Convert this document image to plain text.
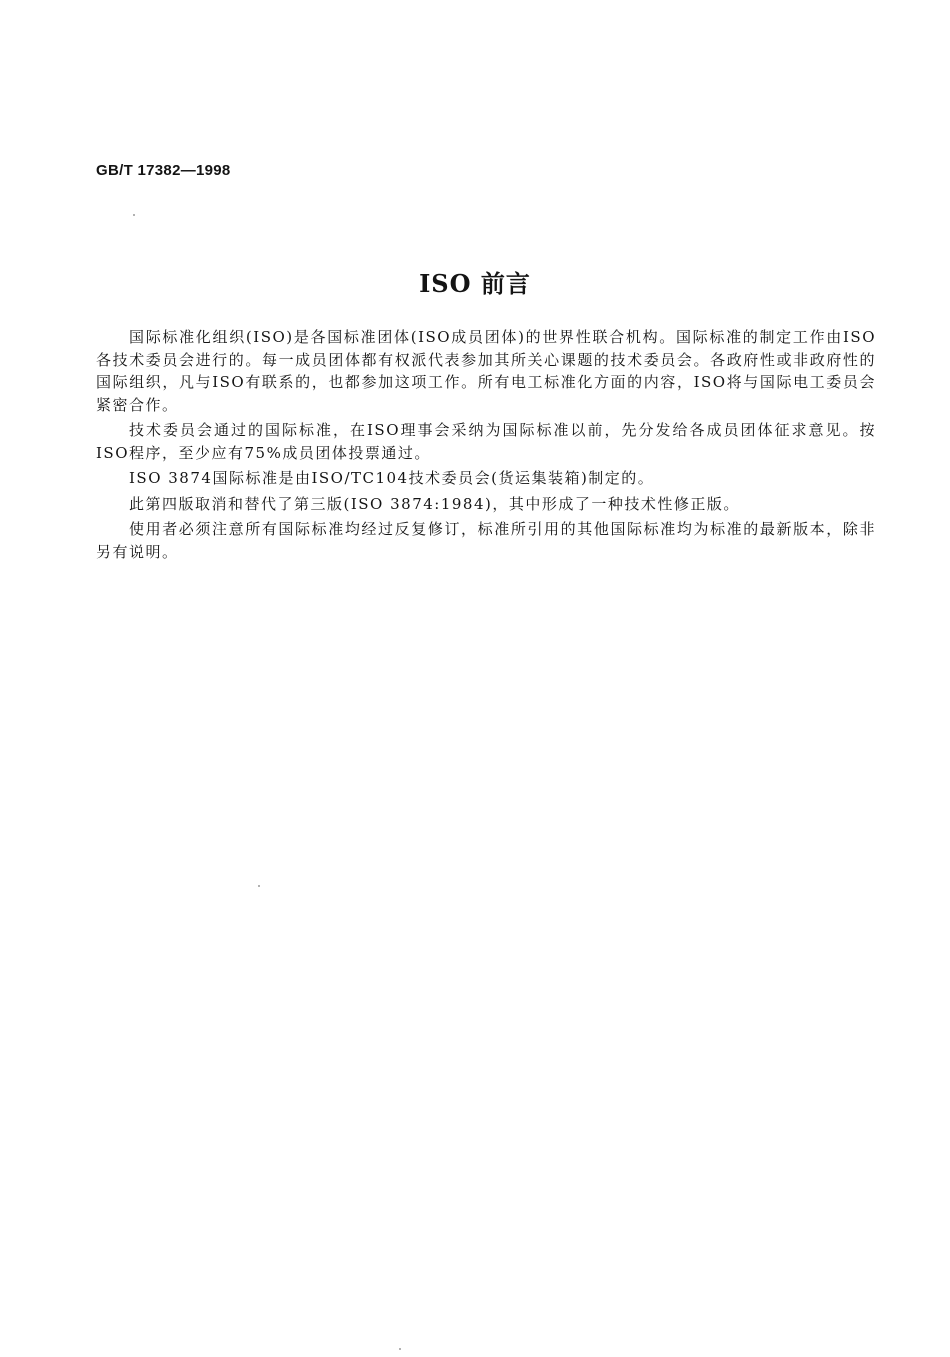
GB/T 17382—1998
ISO 前言

国际标准化组织(ISO)是各国标准团体(ISO成员团体)的世界性联合机构。国际标准的制定工作由ISO各技术委员会进行的。每一成员团体都有权派代表参加其所关心课题的技术委员会。各政府性或非政府性的国际组织，凡与ISO有联系的，也都参加这项工作。所有电工标准化方面的内容，ISO将与国际电工委员会紧密合作。

技术委员会通过的国际标准，在ISO理事会采纳为国际标准以前，先分发给各成员团体征求意见。按ISO程序，至少应有75%成员团体投票通过。

ISO 3874国际标准是由ISO/TC104技术委员会(货运集装箱)制定的。

此第四版取消和替代了第三版(ISO 3874:1984)，其中形成了一种技术性修正版。

使用者必须注意所有国际标准均经过反复修订，标准所引用的其他国际标准均为标准的最新版本，除非另有说明。
